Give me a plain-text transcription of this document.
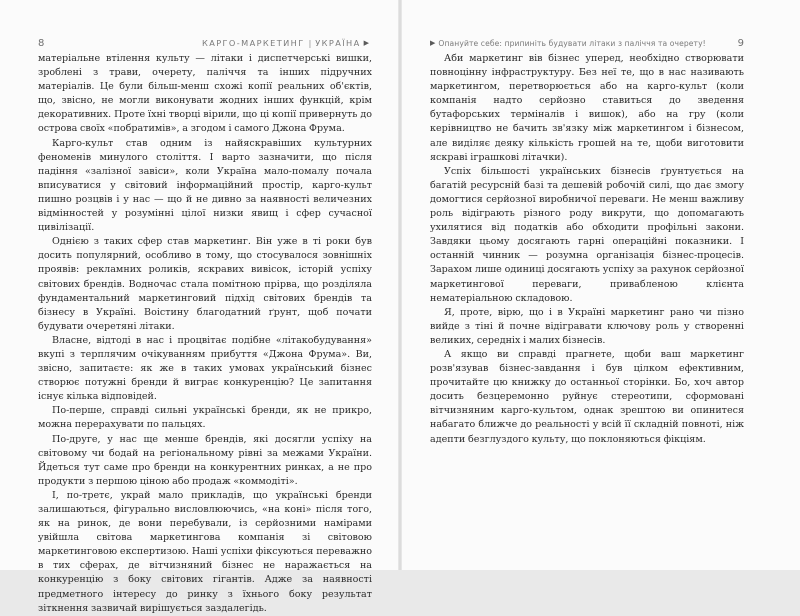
8	КАРГО-МАРКЕТИНГ | УКРАЇНА ▶

матеріальне втілення культу — літаки і диспетчерські вишки, зроблені з трави, очерету, паліччя та інших підручних матеріалів. Це були більш-менш схожі копії реальних об'єктів, що, звісно, не могли виконувати жодних інших функцій, крім декоративних. Проте їхні творці вірили, що ці копії привернуть до острова своїх «побратимів», а згодом і самого Джона Фрума.

Карго-культ став одним із найяскравіших культурних феноменів минулого століття. І варто зазначити, що після падіння «залізної завіси», коли Україна мало-помалу почала вписуватися у світовий інформаційний простір, карго-культ пишно розцвів і у нас — що й не дивно за наявності величезних відмінностей у розумінні цілої низки явищ і сфер сучасної цивілізації.

Однією з таких сфер став маркетинг. Він уже в ті роки був досить популярний, особливо в тому, що стосувалося зовнішніх проявів: рекламних роликів, яскравих вивісок, історій успіху світових брендів. Водночас стала помітною прірва, що розділяла фундаментальний маркетинговий підхід світових брендів та бізнесу в Україні. Воістину благодатний ґрунт, щоб почати будувати очеретяні літаки.

Власне, відтоді в нас і процвітає подібне «літакобудування» вкупі з терплячим очікуванням прибуття «Джона Фрума». Ви, звісно, запитаєте: як же в таких умовах український бізнес створює потужні бренди й виграє конкуренцію? Це запитання існує кілька відповідей.

По-перше, справді сильні українські бренди, як не прикро, можна перерахувати по пальцях.

По-друге, у нас ще менше брендів, які досягли успіху на світовому чи бодай на регіональному рівні за межами України. Йдеться тут саме про бренди на конкурентних ринках, а не про продукти з першою ціною або продаж «коммодіті».

І, по-третє, украй мало прикладів, що українські бренди залишаються, фігурально висловлюючись, «на коні» після того, як на ринок, де вони перебували, із серйозними намірами увійшла світова маркетингова компанія зі світовою маркетинговою експертизою. Наші успіхи фіксуються переважно в тих сферах, де вітчизняний бізнес не наражається на конкуренцію з боку світових гігантів. Адже за наявності предметного інтересу до ринку з їхнього боку результат зіткнення зазвичай вирішується заздалегідь.

▶ Опануйте себе: припиніть будувати літаки з паліччя та очерету!	9

Аби маркетинг вів бізнес уперед, необхідно створювати повноцінну інфраструктуру. Без неї те, що в нас називають маркетингом, перетворюється або на карго-культ (коли компанія надто серйозно ставиться до зведення бутафорських терміналів і вишок), або на гру (коли керівництво не бачить зв'язку між маркетингом і бізнесом, але виділяє деяку кількість грошей на те, щоби виготовити яскраві іграшкові літачки).

Успіх більшості українських бізнесів ґрунтується на багатій ресурсній базі та дешевій робочій силі, що дає змогу домогтися серйозної виробничої переваги. Не менш важливу роль відіграють різного роду викрути, що допомагають ухилятися від податків або обходити профільні закони. Завдяки цьому досягають гарні операційні показники. І останній чинник — розумна організація бізнес-процесів. Зарахом лише одиниці досягають успіху за рахунок серйозної маркетингової переваги, привабленою клієнта нематеріальною складовою.

Я, проте, вірю, що і в Україні маркетинг рано чи пізно вийде з тіні й почне відігравати ключову роль у створенні великих, середніх і малих бізнесів.

А якщо ви справді прагнете, щоби ваш маркетинг розв'язував бізнес-завдання і був цілком ефективним, прочитайте цю книжку до останньої сторінки. Бо, хоч автор досить безцеремонно руйнує стереотипи, сформовані вітчизняним карго-культом, однак зрештою ви опинитеся набагато ближче до реальності у всій її складній повноті, ніж адепти безглуздого культу, що поклоняються фікціям.
